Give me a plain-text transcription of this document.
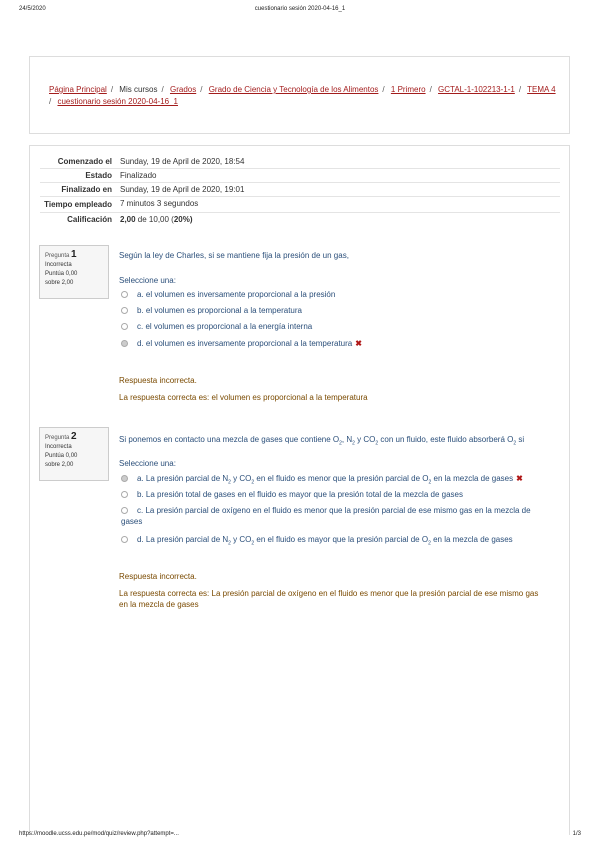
24/5/2020	cuestionario sesión 2020-04-16_1
Página Principal / Mis cursos / Grados / Grado de Ciencia y Tecnología de los Alimentos / 1 Primero / GCTAL-1-102213-1-1 / TEMA 4
/ cuestionario sesión 2020-04-16_1
Comenzado el	Sunday, 19 de April de 2020, 18:54
Estado	Finalizado
Finalizado en	Sunday, 19 de April de 2020, 19:01
Tiempo empleado	7 minutos 3 segundos
Calificación	2,00 de 10,00 (20%)
Pregunta 1
Incorrecta
Puntúa 0,00 sobre 2,00
Según la ley de Charles, si se mantiene fija la presión de un gas,
Seleccione una:
a. el volumen es inversamente proporcional a la presión
b. el volumen es proporcional a la temperatura
c. el volumen es proporcional a la energía interna
d. el volumen es inversamente proporcional a la temperatura ✖
Respuesta incorrecta.
La respuesta correcta es: el volumen es proporcional a la temperatura
Pregunta 2
Incorrecta
Puntúa 0,00 sobre 2,00
Si ponemos en contacto una mezcla de gases que contiene $O_2$, $N_2$ y $CO_2$ con un fluido, este fluido absorberá $O_2$ si
Seleccione una:
a. La presión parcial de $N_2$ y $CO_2$ en el fluido es menor que la presión parcial de $O_2$ en la mezcla de gases ✖
b. La presión total de gases en el fluido es mayor que la presión total de la mezcla de gases
c. La presión parcial de oxígeno en el fluido es menor que la presión parcial de ese mismo gas en la mezcla de gases
d. La presión parcial de $N_2$ y $CO_2$ en el fluido es mayor que la presión parcial de $O_2$ en la mezcla de gases
Respuesta incorrecta.
La respuesta correcta es: La presión parcial de oxígeno en el fluido es menor que la presión parcial de ese mismo gas en la mezcla de gases
https://moodle.ucss.edu.pe/mod/quiz/review.php?attempt=...	1/3
